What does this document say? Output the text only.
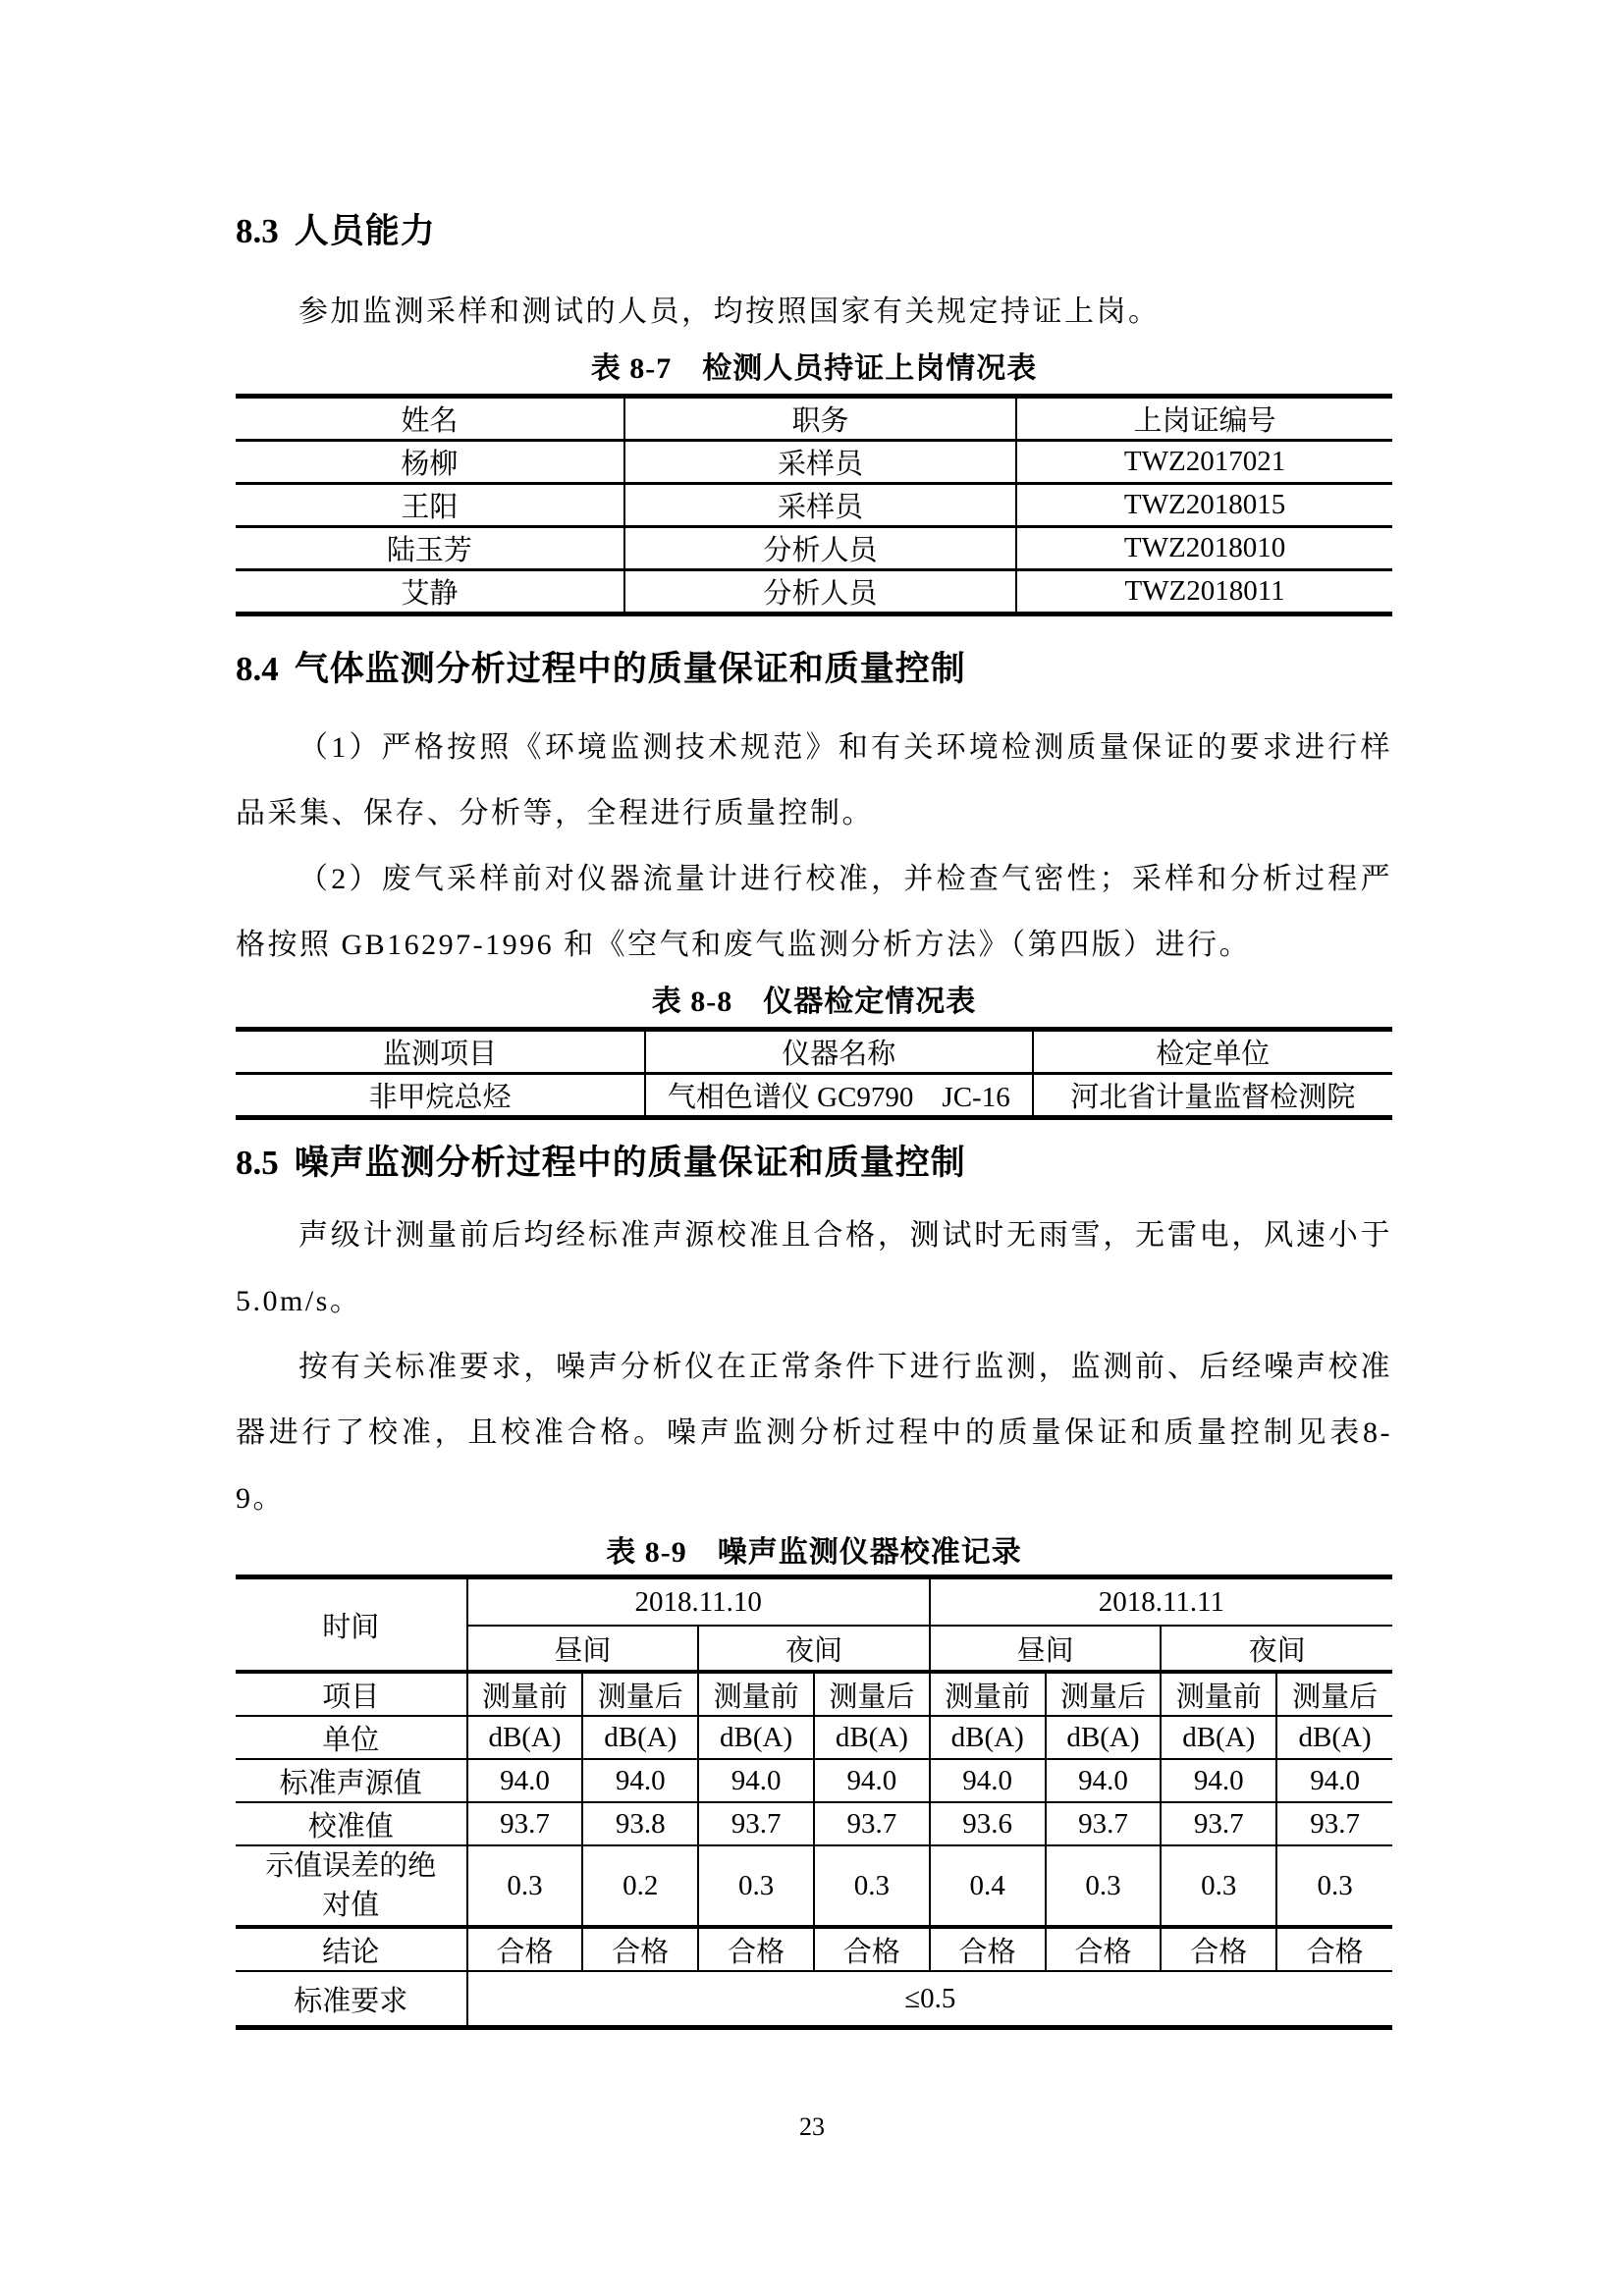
8.3 人员能力

参加监测采样和测试的人员，均按照国家有关规定持证上岗。

表 8-7　检测人员持证上岗情况表
姓名	职务	上岗证编号
杨柳	采样员	TWZ2017021
王阳	采样员	TWZ2018015
陆玉芳	分析人员	TWZ2018010
艾静	分析人员	TWZ2018011
8.4 气体监测分析过程中的质量保证和质量控制

（1）严格按照《环境监测技术规范》和有关环境检测质量保证的要求进行样品采集、保存、分析等，全程进行质量控制。

（2）废气采样前对仪器流量计进行校准，并检查气密性；采样和分析过程严格按照 GB16297-1996 和《空气和废气监测分析方法》（第四版）进行。

表 8-8　仪器检定情况表
监测项目	仪器名称	检定单位
非甲烷总烃	气相色谱仪 GC9790　JC-16	河北省计量监督检测院
8.5 噪声监测分析过程中的质量保证和质量控制

声级计测量前后均经标准声源校准且合格，测试时无雨雪，无雷电，风速小于 5.0m/s。

按有关标准要求，噪声分析仪在正常条件下进行监测，监测前、后经噪声校准器进行了校准，且校准合格。噪声监测分析过程中的质量保证和质量控制见表8-9。

表 8-9　噪声监测仪器校准记录
时间	2018.11.10				2018.11.11			
	昼间		夜间		昼间		夜间	
项目	测量前	测量后	测量前	测量后	测量前	测量后	测量前	测量后
单位	dB(A)	dB(A)	dB(A)	dB(A)	dB(A)	dB(A)	dB(A)	dB(A)
标准声源值	94.0	94.0	94.0	94.0	94.0	94.0	94.0	94.0
校准值	93.7	93.8	93.7	93.7	93.6	93.7	93.7	93.7
示值误差的绝对值	0.3	0.2	0.3	0.3	0.4	0.3	0.3	0.3
结论	合格	合格	合格	合格	合格	合格	合格	合格
标准要求	≤0.5							
23
